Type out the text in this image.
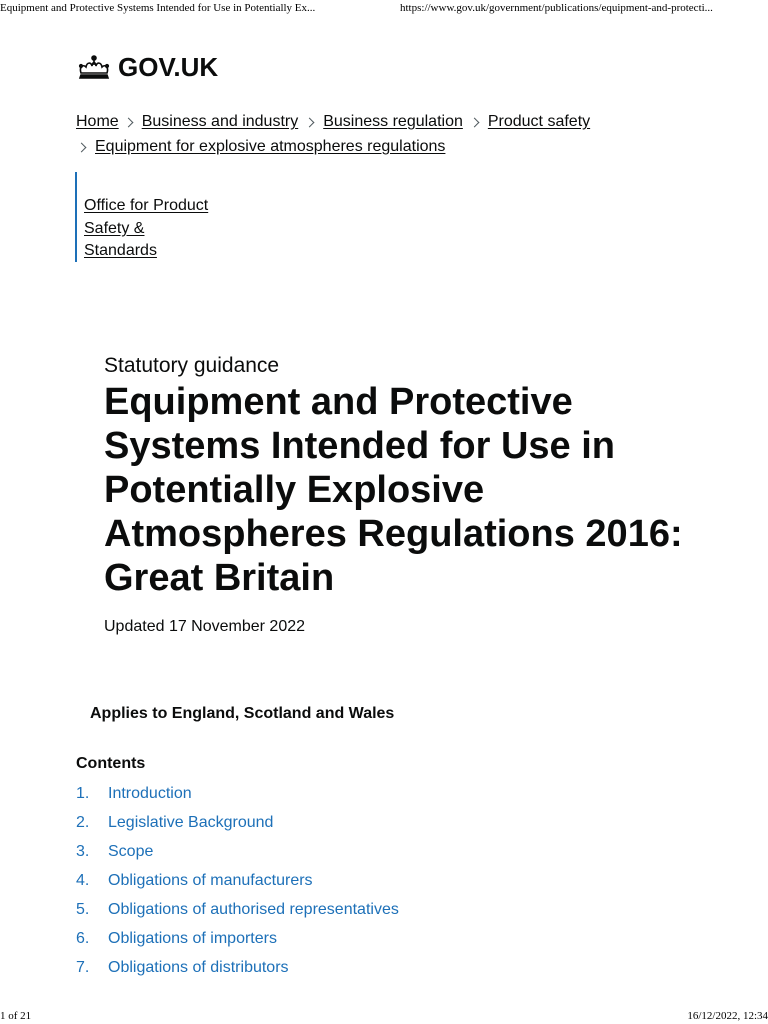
Equipment and Protective Systems Intended for Use in Potentially Ex...	https://www.gov.uk/government/publications/equipment-and-protecti...
GOV.UK
Home Business and industry Business regulation Product safety
Equipment for explosive atmospheres regulations
Office for Product
Safety &
Standards
Statutory guidance
Equipment and Protective Systems Intended for Use in Potentially Explosive Atmospheres Regulations 2016: Great Britain
Updated 17 November 2022
Applies to England, Scotland and Wales
Contents
1.	Introduction
2.	Legislative Background
3.	Scope
4.	Obligations of manufacturers
5.	Obligations of authorised representatives
6.	Obligations of importers
7.	Obligations of distributors
1 of 21	16/12/2022, 12:34
